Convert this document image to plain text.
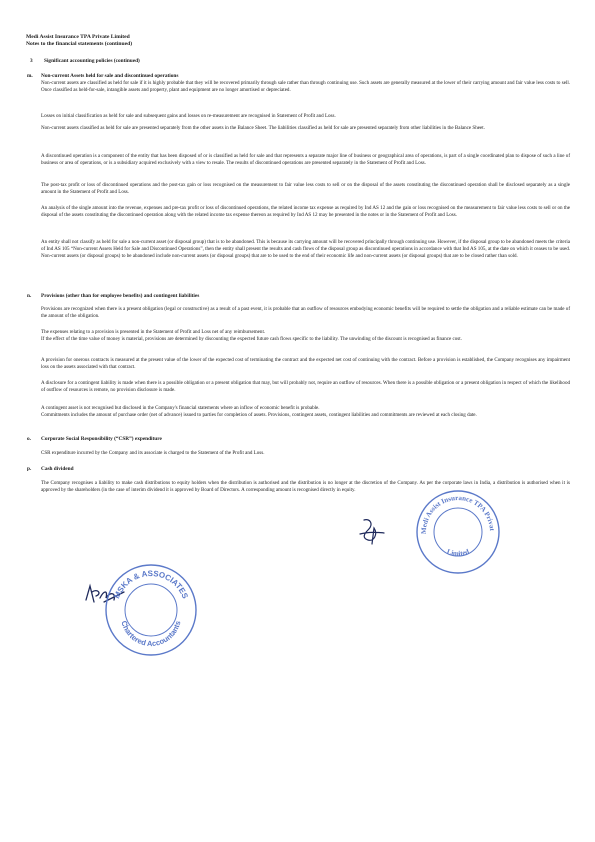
Medi Assist Insurance TPA Private Limited
Notes to the financial statements (continued)
3 Significant accounting policies (continued)
m. Non-current Assets held for sale and discontinued operations

Non-current assets are classified as held for sale if it is highly probable that they will be recovered primarily through sale rather than through continuing use. Such assets are generally measured at the lower of their carrying amount and fair value less costs to sell. Once classified as held-for-sale, intangible assets and property, plant and equipment are no longer amortised or depreciated.

Losses on initial classification as held for sale and subsequent gains and losses on re-measurement are recognised in Statement of Profit and Loss.

Non-current assets classified as held for sale are presented separately from the other assets in the Balance Sheet. The liabilities classified as held for sale are presented separately from other liabilities in the Balance Sheet.

A discontinued operation is a component of the entity that has been disposed of or is classified as held for sale and that represents a separate major line of business or geographical area of operations, is part of a single coordinated plan to dispose of such a line of business or area of operations, or is a subsidiary acquired exclusively with a view to resale. The results of discontinued operations are presented separately in the Statement of Profit and Loss.

The post-tax profit or loss of discontinued operations and the post-tax gain or loss recognised on the measurement to fair value less costs to sell or on the disposal of the assets constituting the discontinued operation shall be disclosed separately as a single amount in the Statement of Profit and Loss.

An analysis of the single amount into the revenue, expenses and pre-tax profit or loss of discontinued operations, the related income tax expense as required by Ind AS 12 and the gain or loss recognised on the measurement to fair value less costs to sell or on the disposal of the assets constituting the discontinued operation along with the related income tax expense thereon as required by Ind AS 12 may be presented in the notes or in the Statement of Profit and Loss.

An entity shall not classify as held for sale a non-current asset (or disposal group) that is to be abandoned. This is because its carrying amount will be recovered principally through continuing use. However, if the disposal group to be abandoned meets the criteria of Ind AS 105 “Non-current Assets Held for Sale and Discontinued Operations”, then the entity shall present the results and cash flows of the disposal group as discontinued operations in accordance with that Ind AS 105, at the date on which it ceases to be used. Non-current assets (or disposal groups) to be abandoned include non-current assets (or disposal groups) that are to be used to the end of their economic life and non-current assets (or disposal groups) that are to be closed rather than sold.

n. Provisions (other than for employee benefits) and contingent liabilities

Provisions are recognized when there is a present obligation (legal or constructive) as a result of a past event, it is probable that an outflow of resources embodying economic benefits will be required to settle the obligation and a reliable estimate can be made of the amount of the obligation.

The expenses relating to a provision is presented in the Statement of Profit and Loss net of any reimbursement.
If the effect of the time value of money is material, provisions are determined by discounting the expected future cash flows specific to the liability. The unwinding of the discount is recognised as finance cost.

A provision for onerous contracts is measured at the present value of the lower of the expected cost of terminating the contract and the expected net cost of continuing with the contract. Before a provision is established, the Company recognises any impairment loss on the assets associated with that contract.

A disclosure for a contingent liability is made when there is a possible obligation or a present obligation that may, but will probably not, require an outflow of resources. When there is a possible obligation or a present obligation in respect of which the likelihood of outflow of resources is remote, no provision disclosure is made.

A contingent asset is not recognised but disclosed in the Company's financial statements where an inflow of economic benefit is probable.
Commitments includes the amount of purchase order (net of advance) issued to parties for completion of assets. Provisions, contingent assets, contingent liabilities and commitments are reviewed at each closing date.

o. Corporate Social Responsibility (“CSR”) expenditure

CSR expenditure incurred by the Company and its associate is charged to the Statement of the Profit and Loss.

p. Cash dividend

The Company recognises a liability to make cash distributions to equity holders when the distribution is authorised and the distribution is no longer at the discretion of the Company. As per the corporate laws in India, a distribution is authorised when it is approved by the shareholders (in the case of interim dividend it is approved by Board of Directors. A corresponding amount is recognised directly in equity.

Medi Assist Insurance TPA Privat
Limited
MSKA & ASSOCIATES
Chartered Accountants
